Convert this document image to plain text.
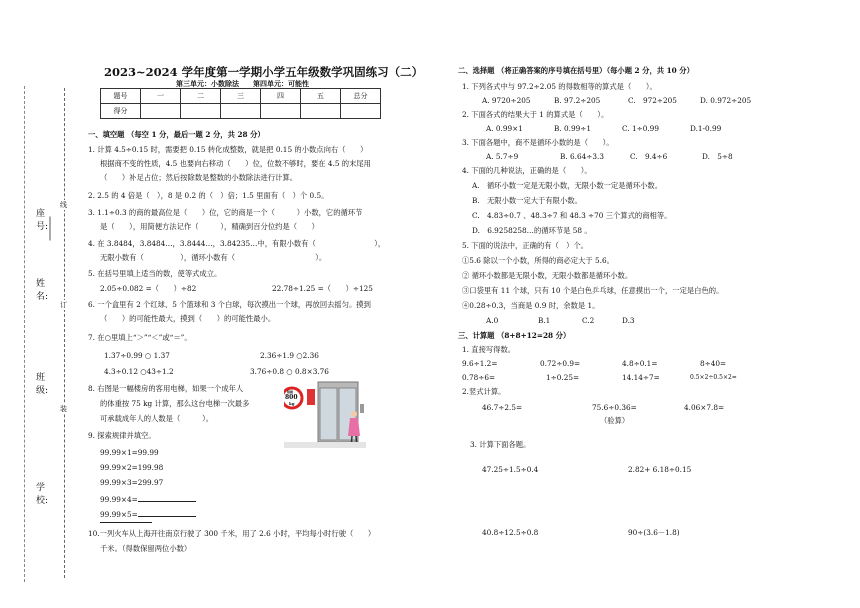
座号:
姓名:
班级:
学校:
线
订
装
2023~2024 学年度第一学期小学五年级数学巩固练习（二）
第三单元：小数除法　　第四单元：可能性
题号	一	二	三	四	五	总分
得分						
一、填空题 （每空 1 分，最后一题 2 分，共 28 分）
1. 计算 4.5÷0.15 时，需要把 0.15 转化成整数，就是把 0.15 的小数点向右（　　）
根据商不变的性质，4.5 也要向右移动（　　）位，位数不够时，要在 4.5 的末尾用
（　　）补足占位；然后按除数是整数的小数除法进行计算。
2. 2.5 的 4 倍是（　），8 是 0.2 的（　）倍；1.5 里面有（　）个 0.5。
3. 1.1÷0.3 的商的最高位是（　　）位，它的商是一个（　　　）小数，它的循环节
是（　　），用简便方法记作（　　　），精确到百分位约是（　　）
4. 在 3.8484，3.8484…，3.8444…，3.84235…中，有限小数有（　　　　　　　　），
无限小数有（　　　　　），循环小数有（　　　　　　　　　　　）。
5. 在括号里填上适当的数，使等式成立。
2.05÷0.082 =（　　）÷82	22.78÷1.25 =（　　）÷125
6. 一个盒里有 2 个红球、5 个篮球和 3 个白球，每次摸出一个球，再放回去摇匀。摸到
（　　）的可能性最大，摸到（　　）的可能性最小。
7. 在○里填上“＞”“＜”或“＝”。
1.37÷0.99 ○ 1.37	2.36÷1.9 ○2.36
4.3÷0.12 ○43÷1.2	3.76÷0.8 ○ 0.8×3.76
8. 右图是一幅楼房的客用电梯，如果一个成年人
的体重按 75 kg 计算，那么这台电梯一次最多
可承载成年人的人数是（　　　）。
限载
800
kg
9. 探索规律并填空。
99.99×1=99.99
99.99×2=199.98
99.99×3=299.97
99.99×4=
99.99×5=
10.一列火车从上海开往南京行驶了 300 千米，用了 2.6 小时，平均每小时行驶（　　）
千米。（得数保留两位小数）
二、选择题 （将正确答案的序号填在括号里）（每小题 2 分，共 10 分）
1. 下列各式中与 97.2÷2.05 的得数相等的算式是（　　）。
A. 9720÷205	B. 97.2÷205	C.　972÷205	D. 0.972÷205
2. 下面各式的结果大于 1 的算式是（　　）。
A. 0.99×1	B. 0.99÷1	C. 1÷0.99	D.1-0.99
3. 下面各题中，商不是循环小数的是（　　）。
A. 5.7÷9	B. 6.64÷3.3	C.　9.4÷6	D.　5÷8
4. 下面的几种说法，正确的是（　　）。
A.　循环小数一定是无限小数，无限小数一定是循环小数。
B.　无限小数一定大于有限小数。
C.　4.83÷0.7 、48.3÷7 和 48.3 ÷70 三个算式的商相等。
D.　6.9258258…的循环节是 58 。
5. 下面的说法中，正确的有（　）个。
①5.6 除以一个小数，所得的商必定大于 5.6。
② 循环小数都是无限小数，无限小数都是循环小数。
③口袋里有 11 个球，只有 10 个是白色乒乓球，任意摸出一个，一定是白色的。
④0.28÷0.3，当商是 0.9 时，余数是 1。
A.0	B.1	C.2	D.3
三、计算题 （8+8+12=28 分）
1. 直接写得数。
9.6÷1.2=	0.72÷0.9=	4.8÷0.1=	8÷40=
0.78÷6=	1÷0.25=	14.14÷7=	0.5×2÷0.5×2=
2.竖式计算。
46.7÷2.5=	75.6÷0.36=	4.06×7.8=
（验算）
3. 计算下面各题。
47.25÷1.5÷0.4	2.82+ 6.18÷0.15
40.8÷12.5÷0.8	90÷(3.6－1.8)
